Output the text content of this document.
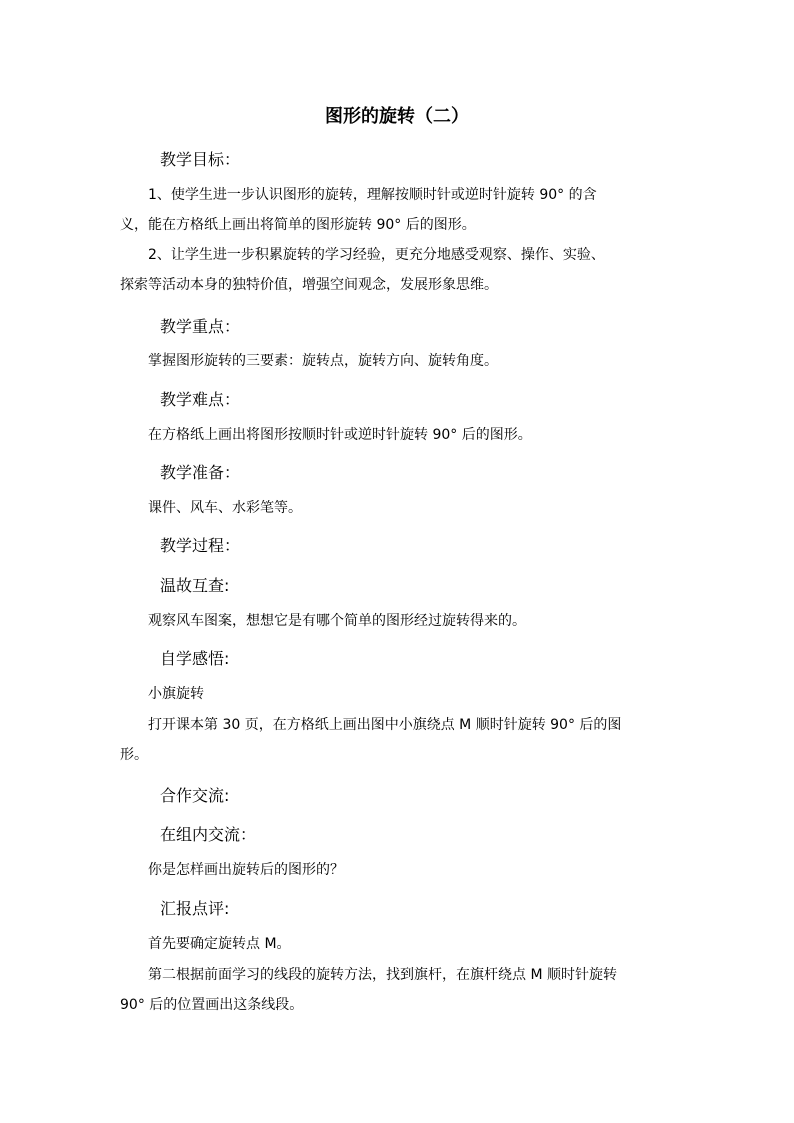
图形的旋转（二）
教学目标：
1、使学生进一步认识图形的旋转，理解按顺时针或逆时针旋转 90° 的含
义，能在方格纸上画出将简单的图形旋转 90° 后的图形。
2、让学生进一步积累旋转的学习经验，更充分地感受观察、操作、实验、
探索等活动本身的独特价值，增强空间观念，发展形象思维。
教学重点：
掌握图形旋转的三要素：旋转点，旋转方向、旋转角度。
教学难点：
在方格纸上画出将图形按顺时针或逆时针旋转 90° 后的图形。
教学准备：
课件、风车、水彩笔等。
教学过程：
温故互查:
观察风车图案，想想它是有哪个简单的图形经过旋转得来的。
自学感悟:
小旗旋转
打开课本第 30 页，在方格纸上画出图中小旗绕点 M 顺时针旋转 90° 后的图
形。
合作交流:
在组内交流：
你是怎样画出旋转后的图形的？
汇报点评:
首先要确定旋转点 M。
第二根据前面学习的线段的旋转方法，找到旗杆，在旗杆绕点 M 顺时针旋转
90° 后的位置画出这条线段。
